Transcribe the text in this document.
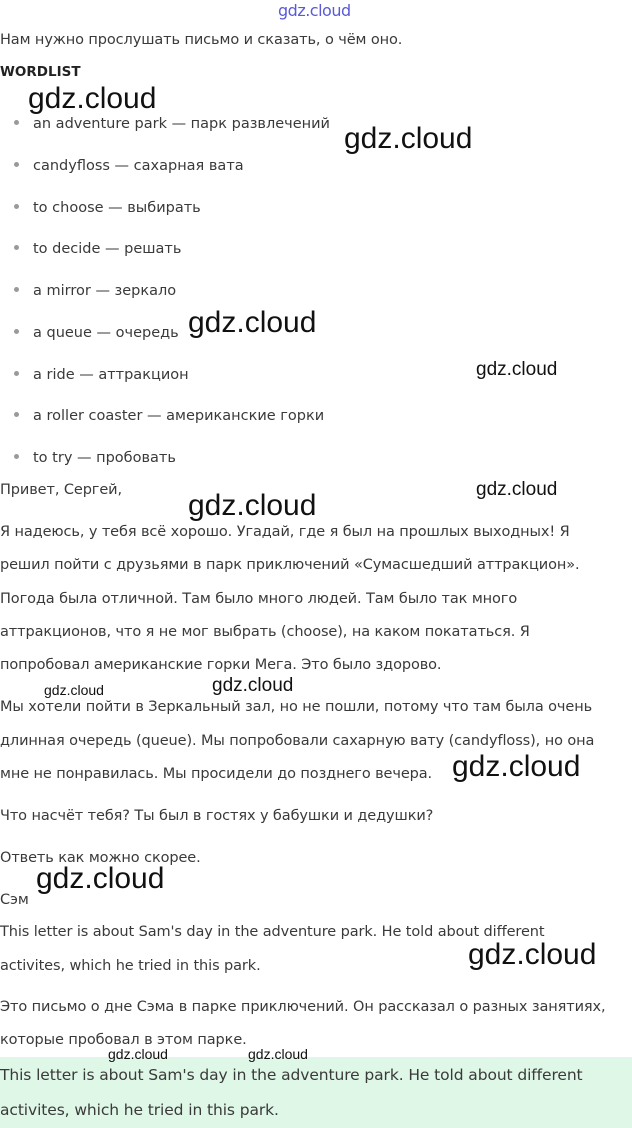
gdz.cloud
Нам нужно прослушать письмо и сказать, о чём оно.
WORDLIST
an adventure park — парк развлечений
candyfloss — сахарная вата
to choose — выбирать
to decide — решать
a mirror — зеркало
a queue — очередь
a ride — аттракцион
a roller coaster — американские горки
to try — пробовать
Привет, Сергей,
Я надеюсь, у тебя всё хорошо. Угадай, где я был на прошлых выходных! Я
решил пойти с друзьями в парк приключений «Сумасшедший аттракцион».
Погода была отличной. Там было много людей. Там было так много
аттракционов, что я не мог выбрать (choose), на каком покататься. Я
попробовал американские горки Мега. Это было здорово.
Мы хотели пойти в Зеркальный зал, но не пошли, потому что там была очень
длинная очередь (queue). Мы попробовали сахарную вату (candyfloss), но она
мне не понравилась. Мы просидели до позднего вечера.
Что насчёт тебя? Ты был в гостях у бабушки и дедушки?
Ответь как можно скорее.
Сэм
This letter is about Sam's day in the adventure park. He told about different
activites, which he tried in this park.
Это письмо о дне Сэма в парке приключений. Он рассказал о разных занятиях,
которые пробовал в этом парке.
This letter is about Sam's day in the adventure park. He told about different
activites, which he tried in this park.
gdz.cloud
gdz.cloud
gdz.cloud
gdz.cloud
gdz.cloud	gdz.cloud
gdz.cloud	gdz.cloud
gdz.cloud
gdz.cloud
gdz.cloud
gdz.cloud	gdz.cloud
